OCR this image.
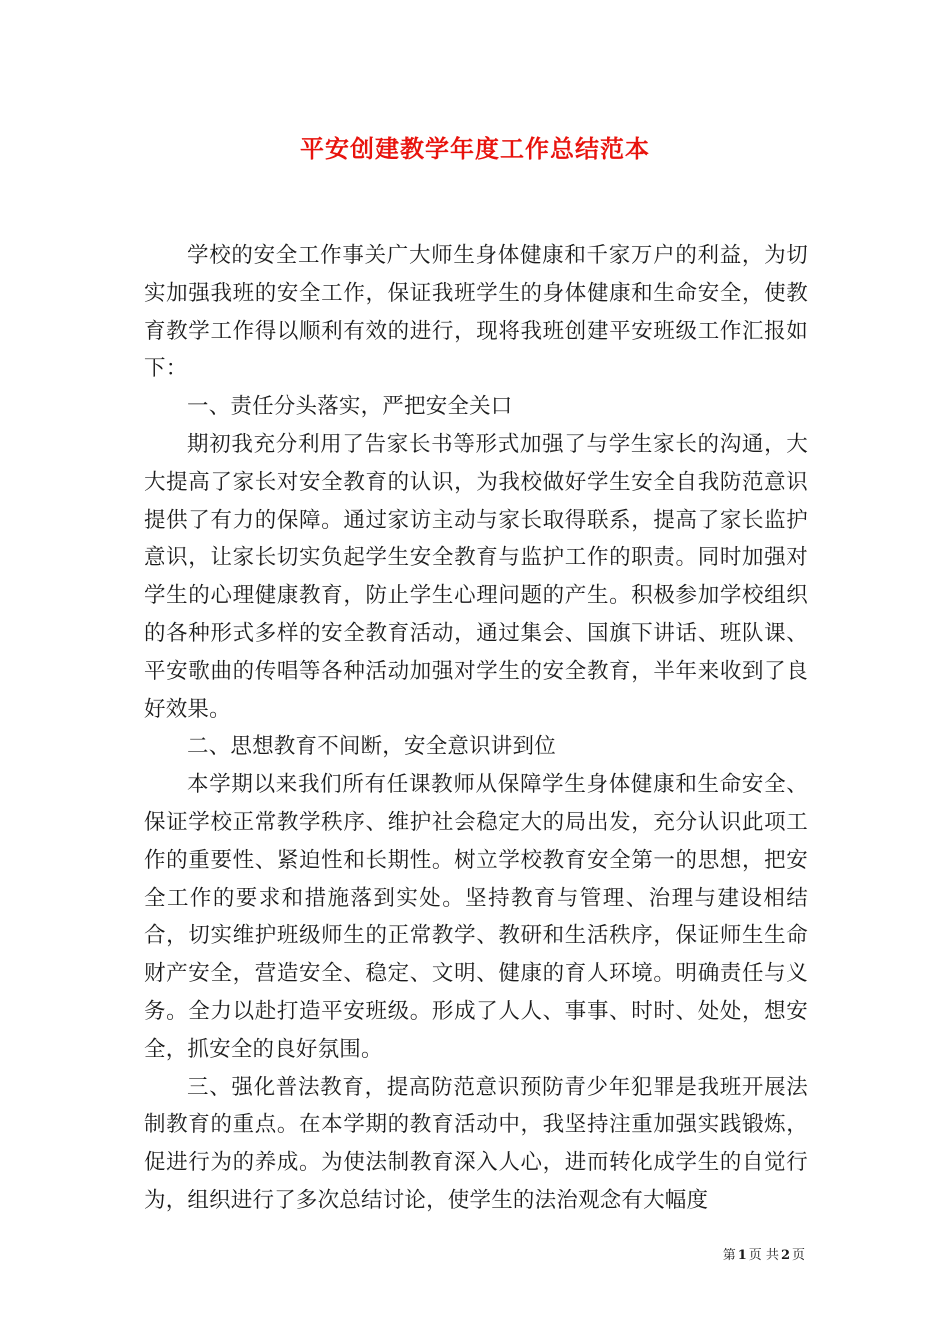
平安创建教学年度工作总结范本

学校的安全工作事关广大师生身体健康和千家万户的利益，为切实加强我班的安全工作，保证我班学生的身体健康和生命安全，使教育教学工作得以顺利有效的进行，现将我班创建平安班级工作汇报如下：

一、责任分头落实，严把安全关口

期初我充分利用了告家长书等形式加强了与学生家长的沟通，大大提高了家长对安全教育的认识，为我校做好学生安全自我防范意识提供了有力的保障。通过家访主动与家长取得联系，提高了家长监护意识，让家长切实负起学生安全教育与监护工作的职责。同时加强对学生的心理健康教育，防止学生心理问题的产生。积极参加学校组织的各种形式多样的安全教育活动，通过集会、国旗下讲话、班队课、平安歌曲的传唱等各种活动加强对学生的安全教育，半年来收到了良好效果。

二、思想教育不间断，安全意识讲到位

本学期以来我们所有任课教师从保障学生身体健康和生命安全、保证学校正常教学秩序、维护社会稳定大的局出发，充分认识此项工作的重要性、紧迫性和长期性。树立学校教育安全第一的思想，把安全工作的要求和措施落到实处。坚持教育与管理、治理与建设相结合，切实维护班级师生的正常教学、教研和生活秩序，保证师生生命财产安全，营造安全、稳定、文明、健康的育人环境。明确责任与义务。全力以赴打造平安班级。形成了人人、事事、时时、处处，想安全，抓安全的良好氛围。

三、强化普法教育，提高防范意识预防青少年犯罪是我班开展法制教育的重点。在本学期的教育活动中，我坚持注重加强实践锻炼，促进行为的养成。为使法制教育深入人心，进而转化成学生的自觉行为，组织进行了多次总结讨论，使学生的法治观念有大幅度

第 1 页 共 2 页
